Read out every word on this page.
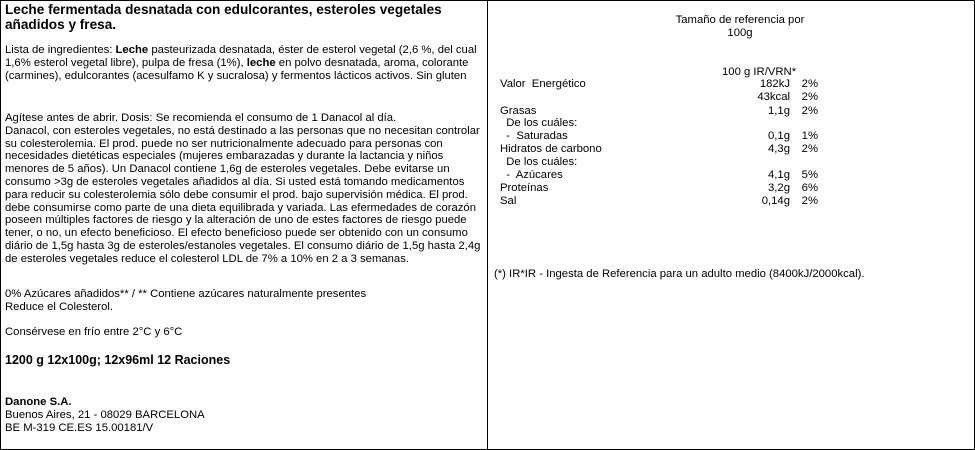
Leche fermentada desnatada con edulcorantes, esteroles vegetales
añadidos y fresa.
Lista de ingredientes: Leche pasteurizada desnatada, éster de esterol vegetal (2,6 %, del cual
1,6% esterol vegetal libre), pulpa de fresa (1%), leche en polvo desnatada, aroma, colorante
(carmines), edulcorantes (acesulfamo K y sucralosa) y fermentos lácticos activos. Sin gluten
Agítese antes de abrir. Dosis: Se recomienda el consumo de 1 Danacol al día.
Danacol, con esteroles vegetales, no está destinado a las personas que no necesitan controlar
su colesterolemia. El prod. puede no ser nutricionalmente adecuado para personas con
necesidades dietéticas especiales (mujeres embarazadas y durante la lactancia y niños
menores de 5 años). Un Danacol contiene 1,6g de esteroles vegetales. Debe evitarse un
consumo >3g de esteroles vegetales añadidos al día. Si usted está tomando medicamentos
para reducir su colesterolemia sólo debe consumir el prod. bajo supervisión médica. El prod.
debe consumirse como parte de una dieta equilibrada y variada. Las efermedades de corazón
poseen múltiples factores de riesgo y la alteración de uno de estes factores de riesgo puede
tener, o no, un efecto beneficioso. El efecto beneficioso puede ser obtenido con un consumo
diário de 1,5g hasta 3g de esteroles/estanoles vegetales. El consumo diário de 1,5g hasta 2,4g
de esteroles vegetales reduce el colesterol LDL de 7% a 10% en 2 a 3 semanas.
0% Azúcares añadidos** / ** Contiene azúcares naturalmente presentes
Reduce el Colesterol.
Consérvese en frío entre 2°C y 6°C
1200 g 12x100g; 12x96ml 12 Raciones
Danone S.A.
Buenos Aires, 21 - 08029 BARCELONA
BE M-319 CE.ES 15.00181/V
Tamaño de referencia por
100g
100 g IR/VRN*
Valor  Energético	182kJ	2%
43kcal	2%
Grasas	1,1g	2%
De los cuáles:
-  Saturadas	0,1g	1%
Hidratos de carbono	4,3g	2%
De los cuáles:
-  Azúcares	4,1g	5%
Proteínas	3,2g	6%
Sal	0,14g	2%
(*) IR*IR - Ingesta de Referencia para un adulto medio (8400kJ/2000kcal).
